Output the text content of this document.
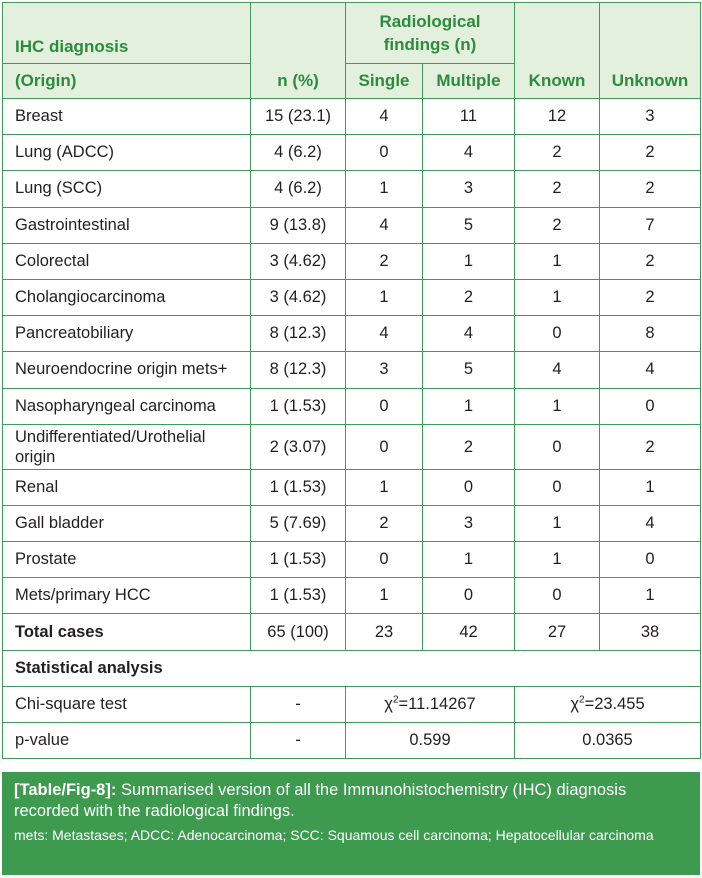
IHC diagnosis	n (%)	Radiological findings (n)		Known	Unknown
(Origin)		Single	Multiple		
Breast	15 (23.1)	4	11	12	3
Lung (ADCC)	4 (6.2)	0	4	2	2
Lung (SCC)	4 (6.2)	1	3	2	2
Gastrointestinal	9 (13.8)	4	5	2	7
Colorectal	3 (4.62)	2	1	1	2
Cholangiocarcinoma	3 (4.62)	1	2	1	2
Pancreatobiliary	8 (12.3)	4	4	0	8
Neuroendocrine origin mets+	8 (12.3)	3	5	4	4
Nasopharyngeal carcinoma	1 (1.53)	0	1	1	0
Undifferentiated/Urothelial origin	2 (3.07)	0	2	0	2
Renal	1 (1.53)	1	0	0	1
Gall bladder	5 (7.69)	2	3	1	4
Prostate	1 (1.53)	0	1	1	0
Mets/primary HCC	1 (1.53)	1	0	0	1
Total cases	65 (100)	23	42	27	38
Statistical analysis					
Chi-square test	-	$\chi^2=11.14267$		$\chi^2=23.455$	
p-value	-	0.599		0.0365	
[Table/Fig-8]: Summarised version of all the Immunohistochemistry (IHC) diagnosis recorded with the radiological findings.
mets: Metastases; ADCC: Adenocarcinoma; SCC: Squamous cell carcinoma; Hepatocellular carcinoma
